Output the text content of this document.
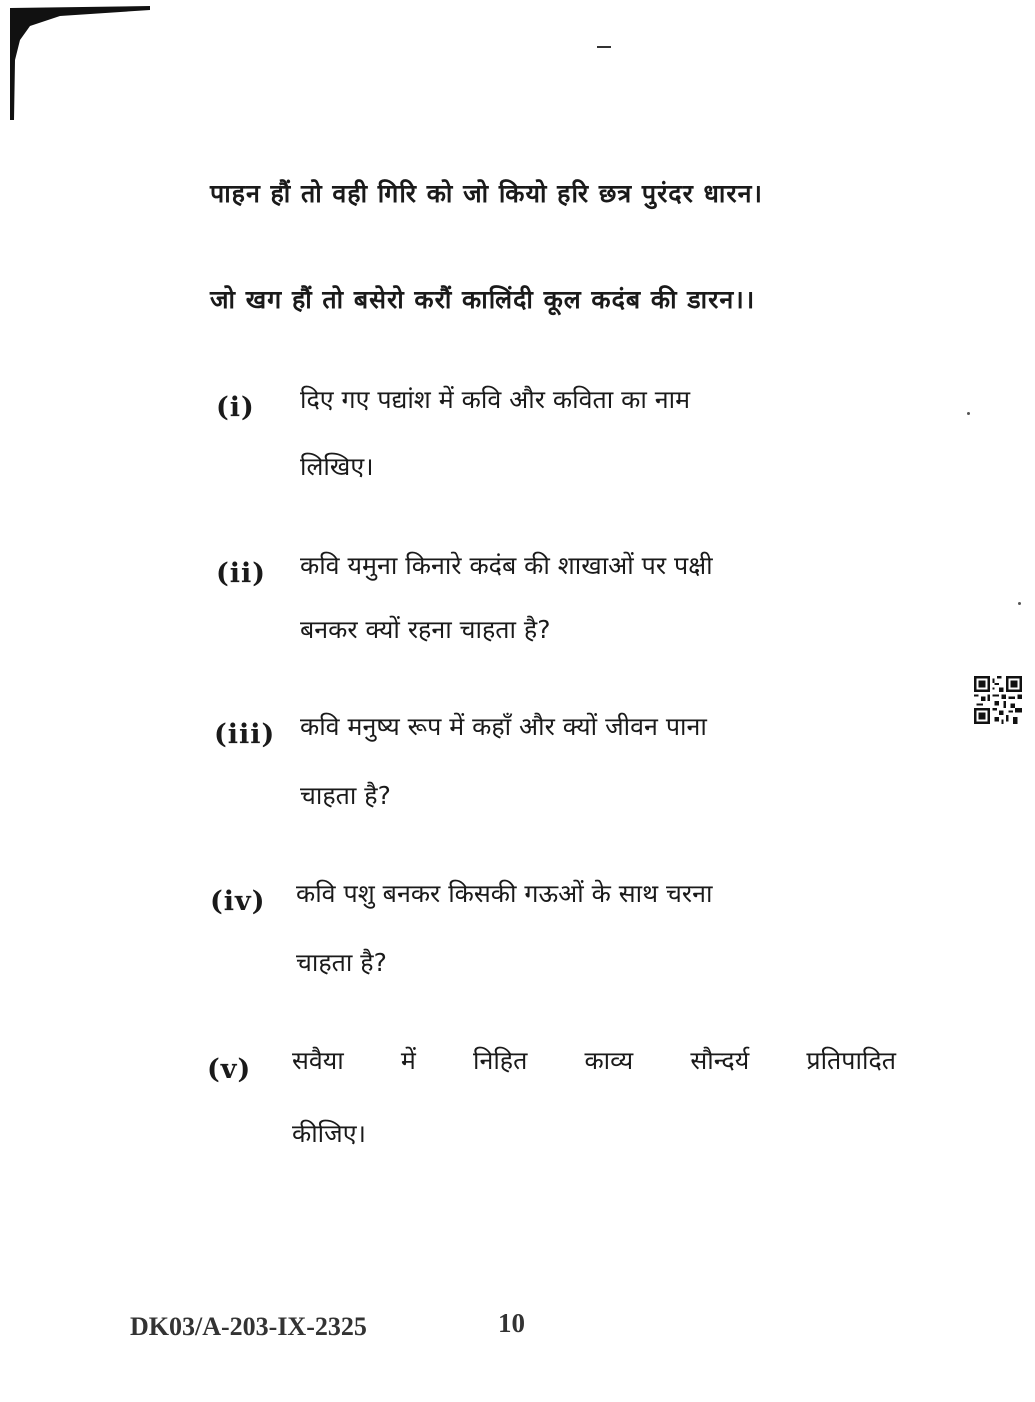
पाहन हौं तो वही गिरि को जो कियो हरि छत्र पुरंदर धारन।
जो खग हौं तो बसेरो करौं कालिंदी कूल कदंब की डारन।।
(i) दिए गए पद्यांश में कवि और कविता का नाम
लिखिए।
(ii) कवि यमुना किनारे कदंब की शाखाओं पर पक्षी
बनकर क्यों रहना चाहता है?
(iii) कवि मनुष्य रूप में कहाँ और क्यों जीवन पाना
चाहता है?
(iv) कवि पशु बनकर किसकी गऊओं के साथ चरना
चाहता है?
(v) सवैया में निहित काव्य सौन्दर्य प्रतिपादित
कीजिए।
DK03/A-203-IX-2325	10
